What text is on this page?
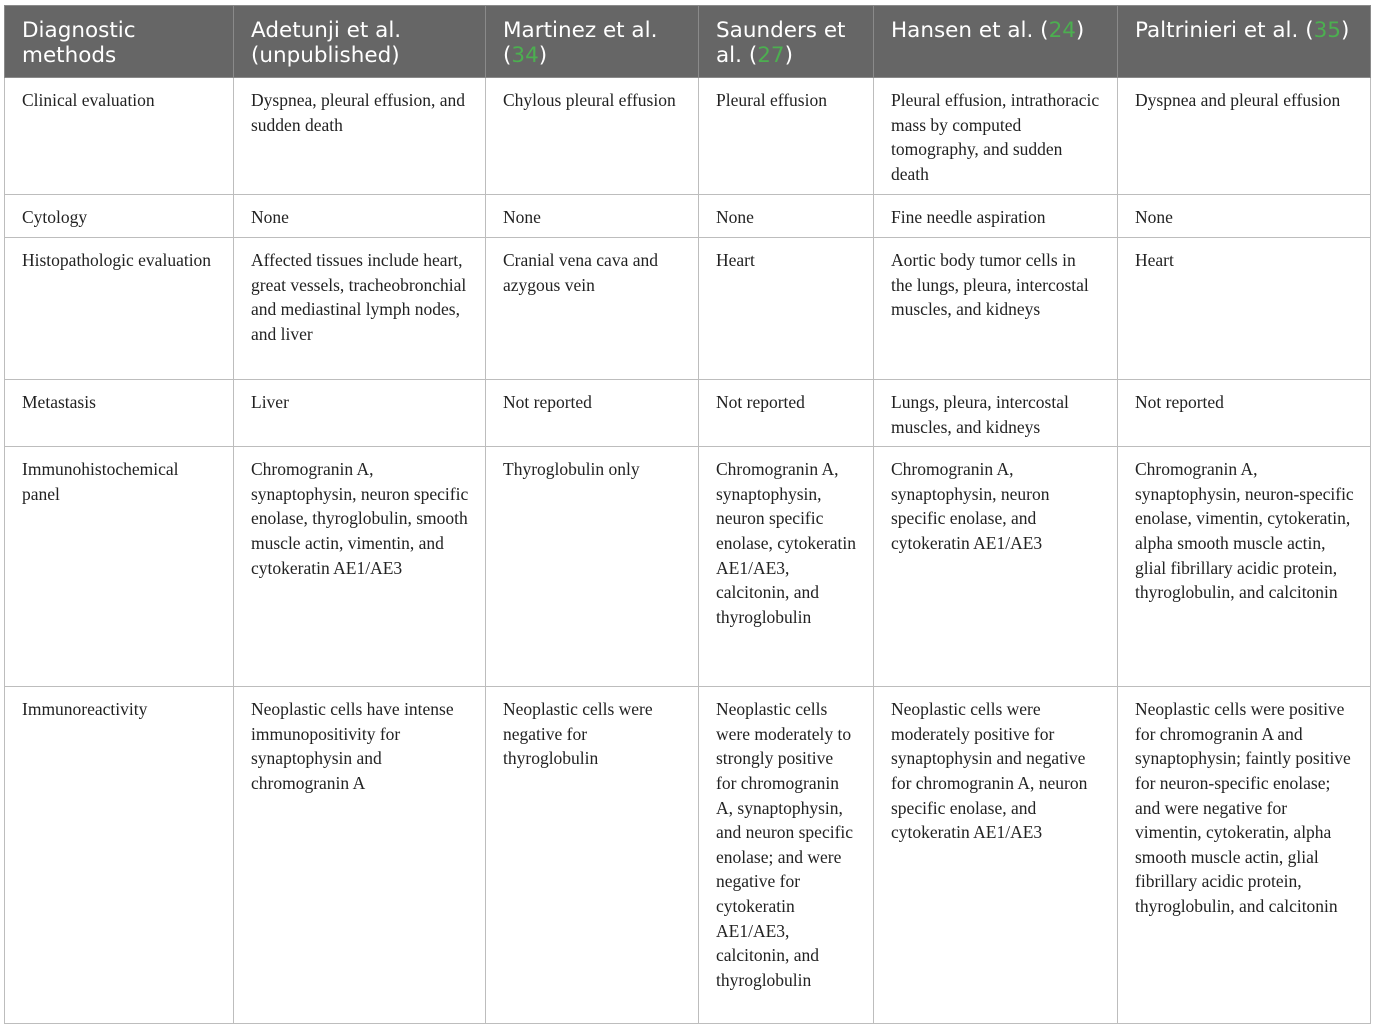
Diagnostic methods	Adetunji et al. (unpublished)	Martinez et al. (34)	Saunders et al. (27)	Hansen et al. (24)	Paltrinieri et al. (35)
Clinical evaluation	Dyspnea, pleural effusion, and sudden death	Chylous pleural effusion	Pleural effusion	Pleural effusion, intrathoracic mass by computed tomography, and sudden death	Dyspnea and pleural effusion
Cytology	None	None	None	Fine needle aspiration	None
Histopathologic evaluation	Affected tissues include heart, great vessels, tracheobronchial and mediastinal lymph nodes, and liver	Cranial vena cava and azygous vein	Heart	Aortic body tumor cells in the lungs, pleura, intercostal muscles, and kidneys	Heart
Metastasis	Liver	Not reported	Not reported	Lungs, pleura, intercostal muscles, and kidneys	Not reported
Immunohistochemical panel	Chromogranin A, synaptophysin, neuron specific enolase, thyroglobulin, smooth muscle actin, vimentin, and cytokeratin AE1/AE3	Thyroglobulin only	Chromogranin A, synaptophysin, neuron specific enolase, cytokeratin AE1/AE3, calcitonin, and thyroglobulin	Chromogranin A, synaptophysin, neuron specific enolase, and cytokeratin AE1/AE3	Chromogranin A, synaptophysin, neuron-specific enolase, vimentin, cytokeratin, alpha smooth muscle actin, glial fibrillary acidic protein, thyroglobulin, and calcitonin
Immunoreactivity	Neoplastic cells have intense immunopositivity for synaptophysin and chromogranin A	Neoplastic cells were negative for thyroglobulin	Neoplastic cells were moderately to strongly positive for chromogranin A, synaptophysin, and neuron specific enolase; and were negative for cytokeratin AE1/AE3, calcitonin, and thyroglobulin	Neoplastic cells were moderately positive for synaptophysin and negative for chromogranin A, neuron specific enolase, and cytokeratin AE1/AE3	Neoplastic cells were positive for chromogranin A and synaptophysin; faintly positive for neuron-specific enolase; and were negative for vimentin, cytokeratin, alpha smooth muscle actin, glial fibrillary acidic protein, thyroglobulin, and calcitonin
